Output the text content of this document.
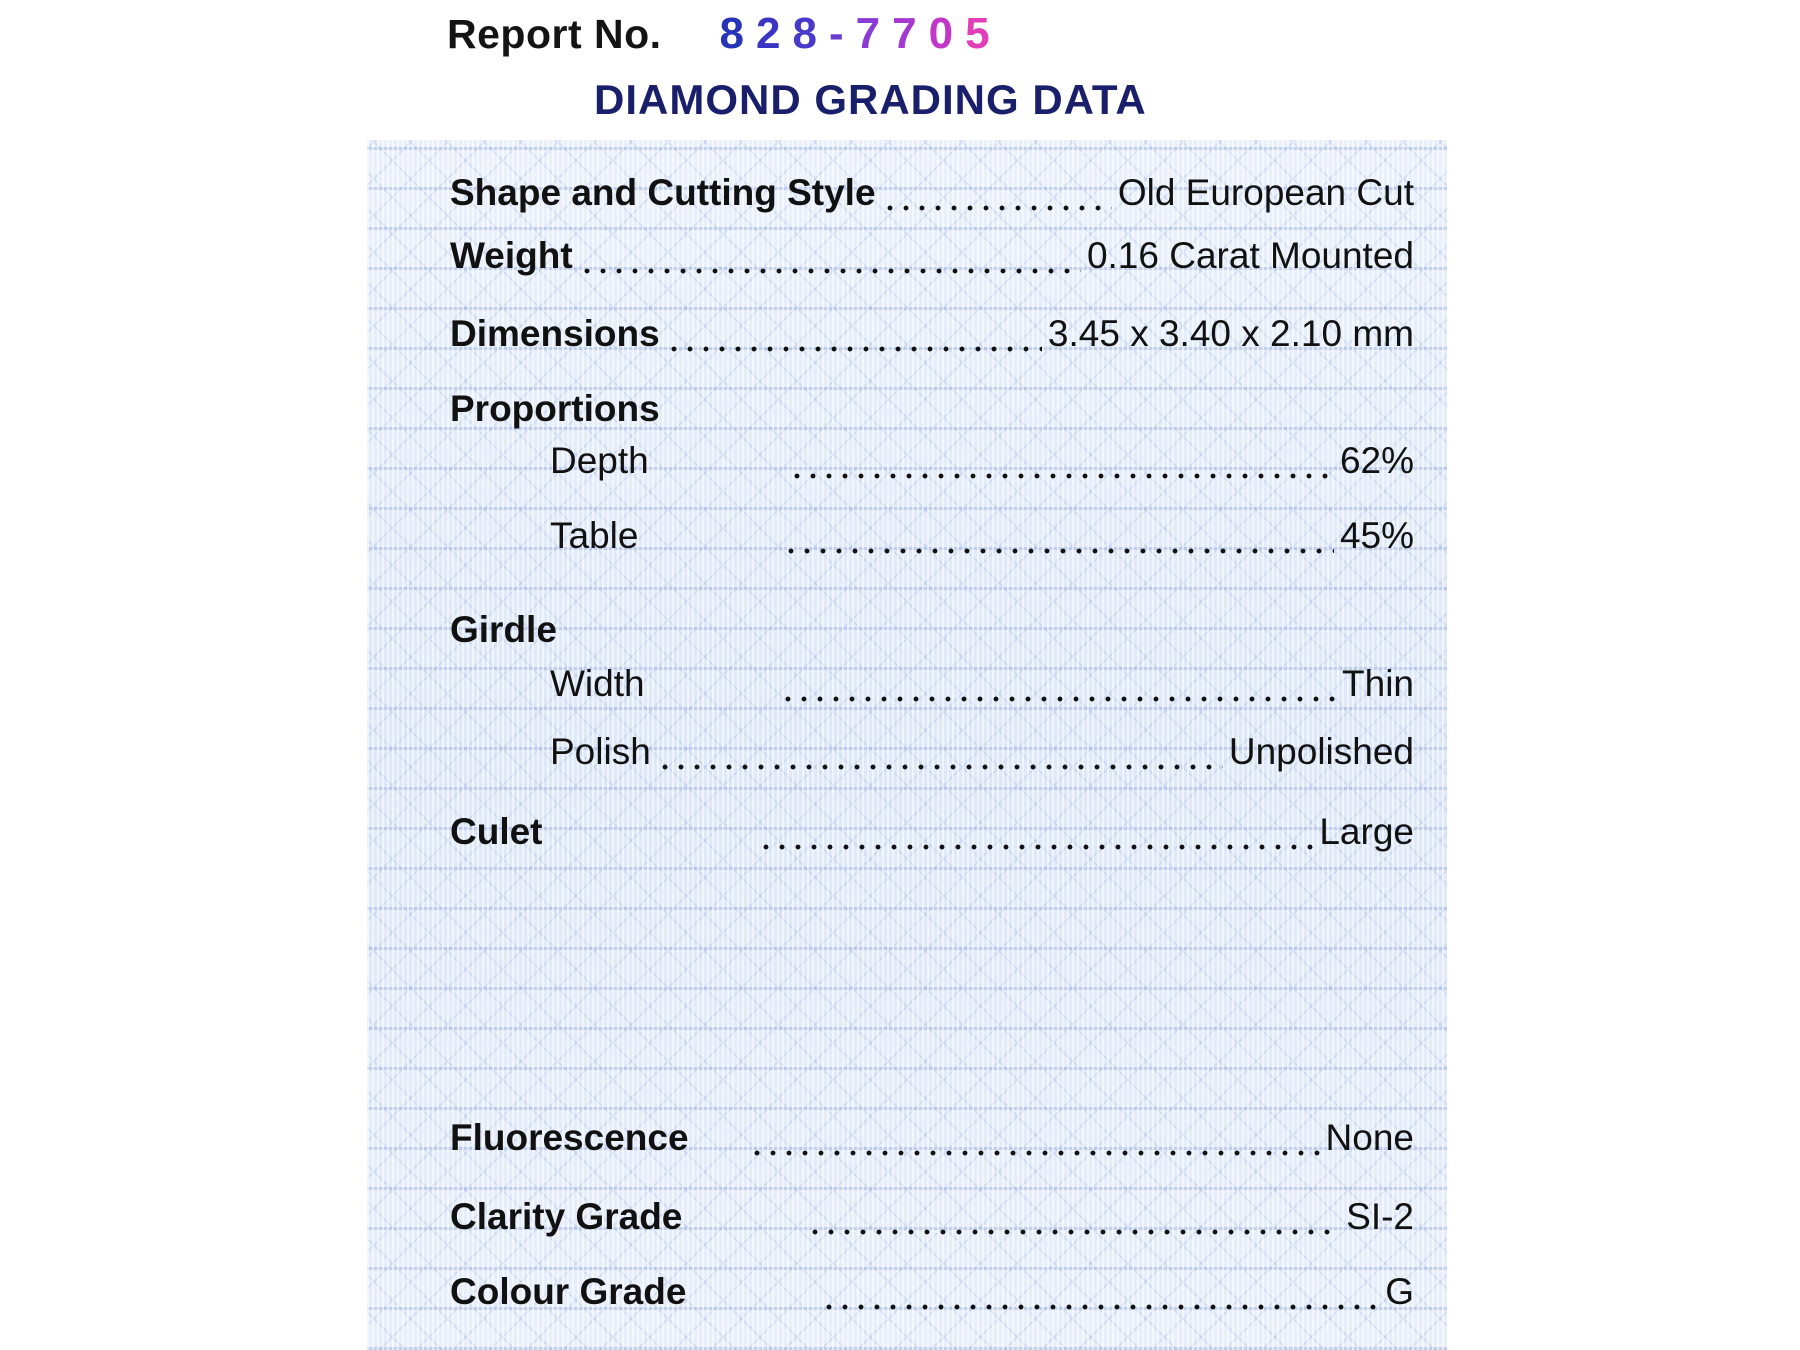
Report No. 828-7705
DIAMOND GRADING DATA
Shape and Cutting Style	Old European Cut
Weight	0.16 Carat Mounted
Dimensions	3.45 x 3.40 x 2.10 mm
Proportions
Depth	62%
Table	45%
Girdle
Width	Thin
Polish	Unpolished
Culet	Large
Fluorescence	None
Clarity Grade	SI-2
Colour Grade	G
